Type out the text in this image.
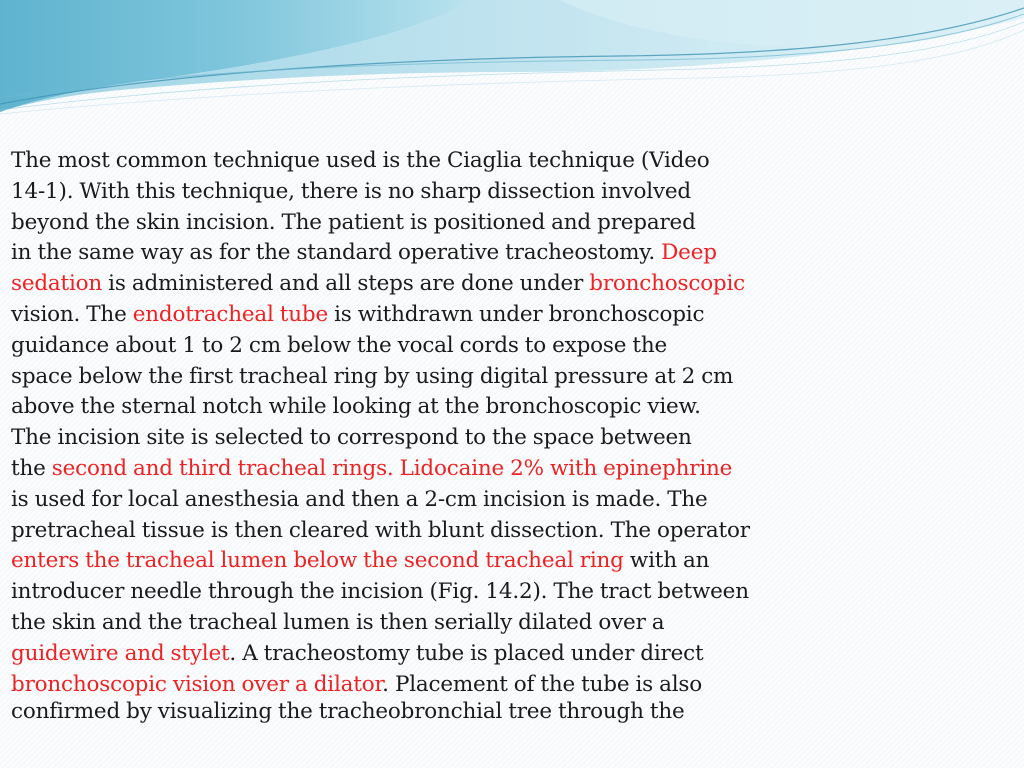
The most common technique used is the Ciaglia technique (Video
14-1). With this technique, there is no sharp dissection involved
beyond the skin incision. The patient is positioned and prepared
in the same way as for the standard operative tracheostomy. Deep
sedation is administered and all steps are done under bronchoscopic
vision. The endotracheal tube is withdrawn under bronchoscopic
guidance about 1 to 2 cm below the vocal cords to expose the
space below the first tracheal ring by using digital pressure at 2 cm
above the sternal notch while looking at the bronchoscopic view.
The incision site is selected to correspond to the space between
the second and third tracheal rings. Lidocaine 2% with epinephrine
is used for local anesthesia and then a 2-cm incision is made. The
pretracheal tissue is then cleared with blunt dissection. The operator
enters the tracheal lumen below the second tracheal ring with an
introducer needle through the incision (Fig. 14.2). The tract between
the skin and the tracheal lumen is then serially dilated over a
guidewire and stylet. A tracheostomy tube is placed under direct
bronchoscopic vision over a dilator. Placement of the tube is also
confirmed by visualizing the tracheobronchial tree through the
